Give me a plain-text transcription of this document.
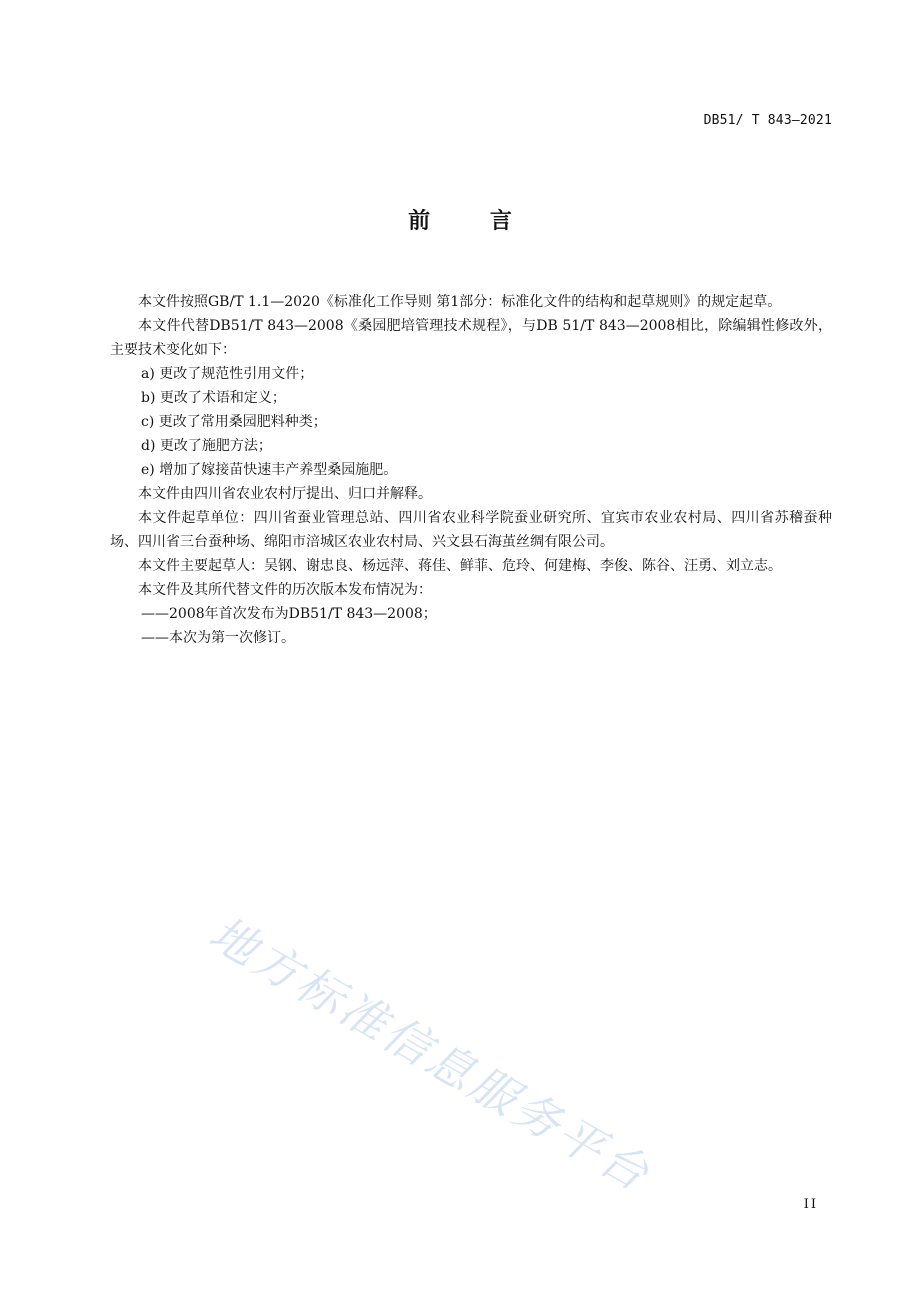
DB51/ T 843—2021
前 言

本文件按照GB/T 1.1—2020《标准化工作导则 第1部分：标准化文件的结构和起草规则》的规定起草。

本文件代替DB51/T 843—2008《桑园肥培管理技术规程》，与DB 51/T 843—2008相比，除编辑性修改外，主要技术变化如下：

a) 更改了规范性引用文件；

b) 更改了术语和定义；

c) 更改了常用桑园肥料种类；

d) 更改了施肥方法；

e) 增加了嫁接苗快速丰产养型桑园施肥。

本文件由四川省农业农村厅提出、归口并解释。

本文件起草单位：四川省蚕业管理总站、四川省农业科学院蚕业研究所、宜宾市农业农村局、四川省苏稽蚕种场、四川省三台蚕种场、绵阳市涪城区农业农村局、兴文县石海茧丝绸有限公司。

本文件主要起草人：吴钢、谢忠良、杨远萍、蒋佳、鲜菲、危玲、何建梅、李俊、陈谷、汪勇、刘立志。

本文件及其所代替文件的历次版本发布情况为：

——2008年首次发布为DB51/T 843—2008；

——本次为第一次修订。

地方标准信息服务平台
II
